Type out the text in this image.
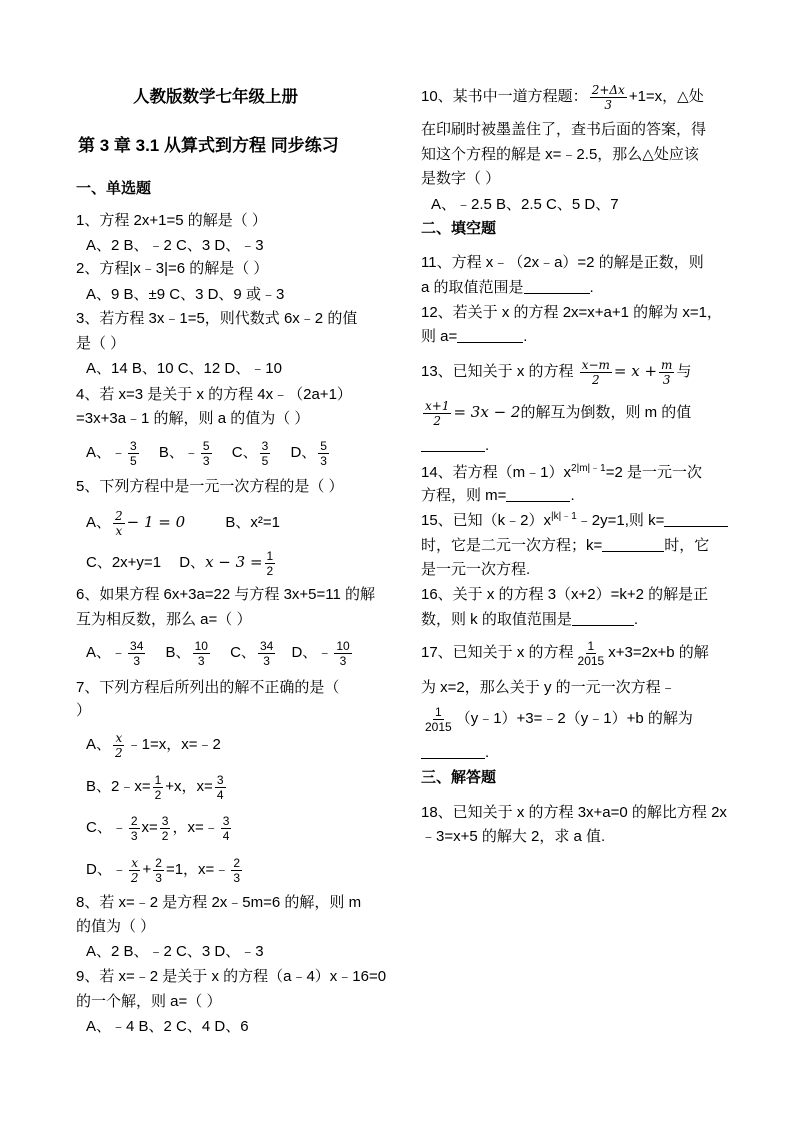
人教版数学七年级上册
第 3 章 3.1 从算式到方程 同步练习
一、单选题
1、方程 2x+1=5 的解是（ ）
A、2 B、﹣2 C、3 D、﹣3
2、方程|x﹣3|=6 的解是（ ）
A、9 B、±9 C、3 D、9 或﹣3
3、若方程 3x﹣1=5，则代数式 6x﹣2 的值
是（ ）
A、14 B、10 C、12 D、﹣10
4、若 x=3 是关于 x 的方程 4x﹣（2a+1）
=3x+3a﹣1 的解，则 a 的值为（ ）
A、﹣ $\frac{3}{5}$ B、﹣ $\frac{5}{3}$ C、 $\frac{3}{5}$ D、 $\frac{5}{3}$
5、下列方程中是一元一次方程的是（ ）
A、 $\frac{2}{x} - 1 = 0$	B、x²=1
C、2x+y=1 D、$x - 3 = \frac{1}{2}$
6、如果方程 6x+3a=22 与方程 3x+5=11 的解
互为相反数，那么 a=（ ）
A、﹣ $\frac{34}{3}$ B、 $\frac{10}{3}$ C、 $\frac{34}{3}$ D、﹣ $\frac{10}{3}$
7、下列方程后所列出的解不正确的是（
）
A、 $\frac{x}{2}$ ﹣1=x，x=﹣2
B、2﹣x= $\frac{1}{2} +x$，$x= \frac{3}{4}$
C、﹣ $\frac{2}{3} x= \frac{3}{2}$ ，x=﹣ $\frac{3}{4}$
D、﹣ $\frac{x}{2} + \frac{2}{3} =1$，x=﹣ $\frac{2}{3}$
8、若 x=﹣2 是方程 2x﹣5m=6 的解，则 m
的值为（ ）
A、2 B、﹣2 C、3 D、﹣3
9、若 x=﹣2 是关于 x 的方程（a﹣4）x﹣16=0
的一个解，则 a=（ ）
A、﹣4 B、2 C、4 D、6
10、某书中一道方程题： $\frac{2+\Delta x}{3} +1=x$，△处
在印刷时被墨盖住了，查书后面的答案，得
知这个方程的解是 x=﹣2.5，那么△处应该
是数字（ ）
A、﹣2.5 B、2.5 C、5 D、7
二、填空题
11、方程 x﹣（2x﹣a）=2 的解是正数，则
a 的取值范围是	.
12、若关于 x 的方程 2x=x+a+1 的解为 x=1，
则 a=	.
13、已知关于 x 的方程 $\frac{x-m}{2} = x + \frac{m}{3}$ 与
$\frac{x+1}{2} = 3x - 2$的解互为倒数，则 m 的值
.
14、若方程$(m﹣1)x^{2|m|﹣1}=2$ 是一元一次
方程，则 m=	.
15、已知$(k﹣2)x^{|k|﹣1}﹣2y=1$,则 k=
时，它是二元一次方程；k=	时，它
是一元一次方程.
16、关于 x 的方程 3（x+2）=k+2 的解是正
数，则 k 的取值范围是	.
17、已知关于 x 的方程 $\frac{1}{2015} x+3=2x+b$ 的解
为 x=2，那么关于 y 的一元一次方程﹣
$\frac{1}{2015}$ （y﹣1）+3=﹣2（y﹣1）+b 的解为
.
三、解答题
18、已知关于 x 的方程 3x+a=0 的解比方程 2x
﹣3=x+5 的解大 2，求 a 值.
